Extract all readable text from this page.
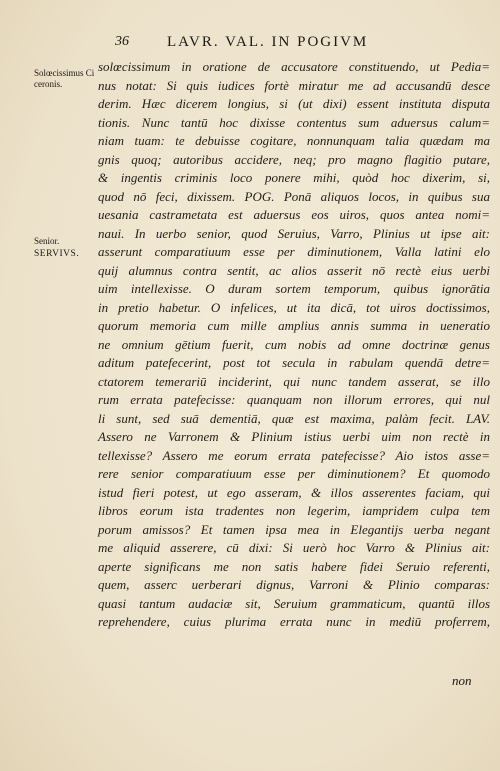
36	LAVR. VAL. IN POGIVM
Solœcissimus Ci
ceronis.
Senior.
SERVIVS.
solœcissimum in oratione de accusatore constituendo, ut Pedia=
nus notat: Si quis iudices fortè miratur me ad accusandū desce
derim. Hæc dicerem longius, si (ut dixi) essent instituta disputa
tionis. Nunc tantū hoc dixisse contentus sum aduersus calum=
niam tuam: te debuisse cogitare, nonnunquam talia quædam ma
gnis quoq; autoribus accidere, neq; pro magno flagitio putare,
& ingentis criminis loco ponere mihi, quòd hoc dixerim, si,
quod nō feci, dixissem. POG. Ponā aliquos locos, in quibus sua
uesania castrametata est aduersus eos uiros, quos antea nomi=
naui. In uerbo senior, quod Seruius, Varro, Plinius ut ipse ait:
asserunt comparatiuum esse per diminutionem, Valla latini elo
quij alumnus contra sentit, ac alios asserit nō rectè eius uerbi
uim intellexisse. O duram sortem temporum, quibus ignorātia
in pretio habetur. O infelices, ut ita dicā, tot uiros doctissimos,
quorum memoria cum mille amplius annis summa in ueneratio
ne omnium gētium fuerit, cum nobis ad omne doctrinæ genus
aditum patefecerint, post tot secula in rabulam quendā detre=
ctatorem temerariū inciderint, qui nunc tandem asserat, se illo
rum errata patefecisse: quanquam non illorum errores, qui nul
li sunt, sed suā dementiā, quæ est maxima, palàm fecit. LAV.
Assero ne Varronem & Plinium istius uerbi uim non rectè in
tellexisse? Assero me eorum errata patefecisse? Aio istos asse=
rere senior comparatiuum esse per diminutionem? Et quomodo
istud fieri potest, ut ego asseram, & illos asserentes faciam, qui
libros eorum ista tradentes non legerim, iampridem culpa tem
porum amissos? Et tamen ipsa mea in Elegantijs uerba negant
me aliquid asserere, cū dixi: Si uerò hoc Varro & Plinius ait:
aperte significans me non satis habere fidei Seruio referenti,
quem, asserc uerberari dignus, Varroni & Plinio comparas:
quasi tantum audaciæ sit, Seruium grammaticum, quantū illos
reprehendere, cuius plurima errata nunc in mediū proferrem,
non
